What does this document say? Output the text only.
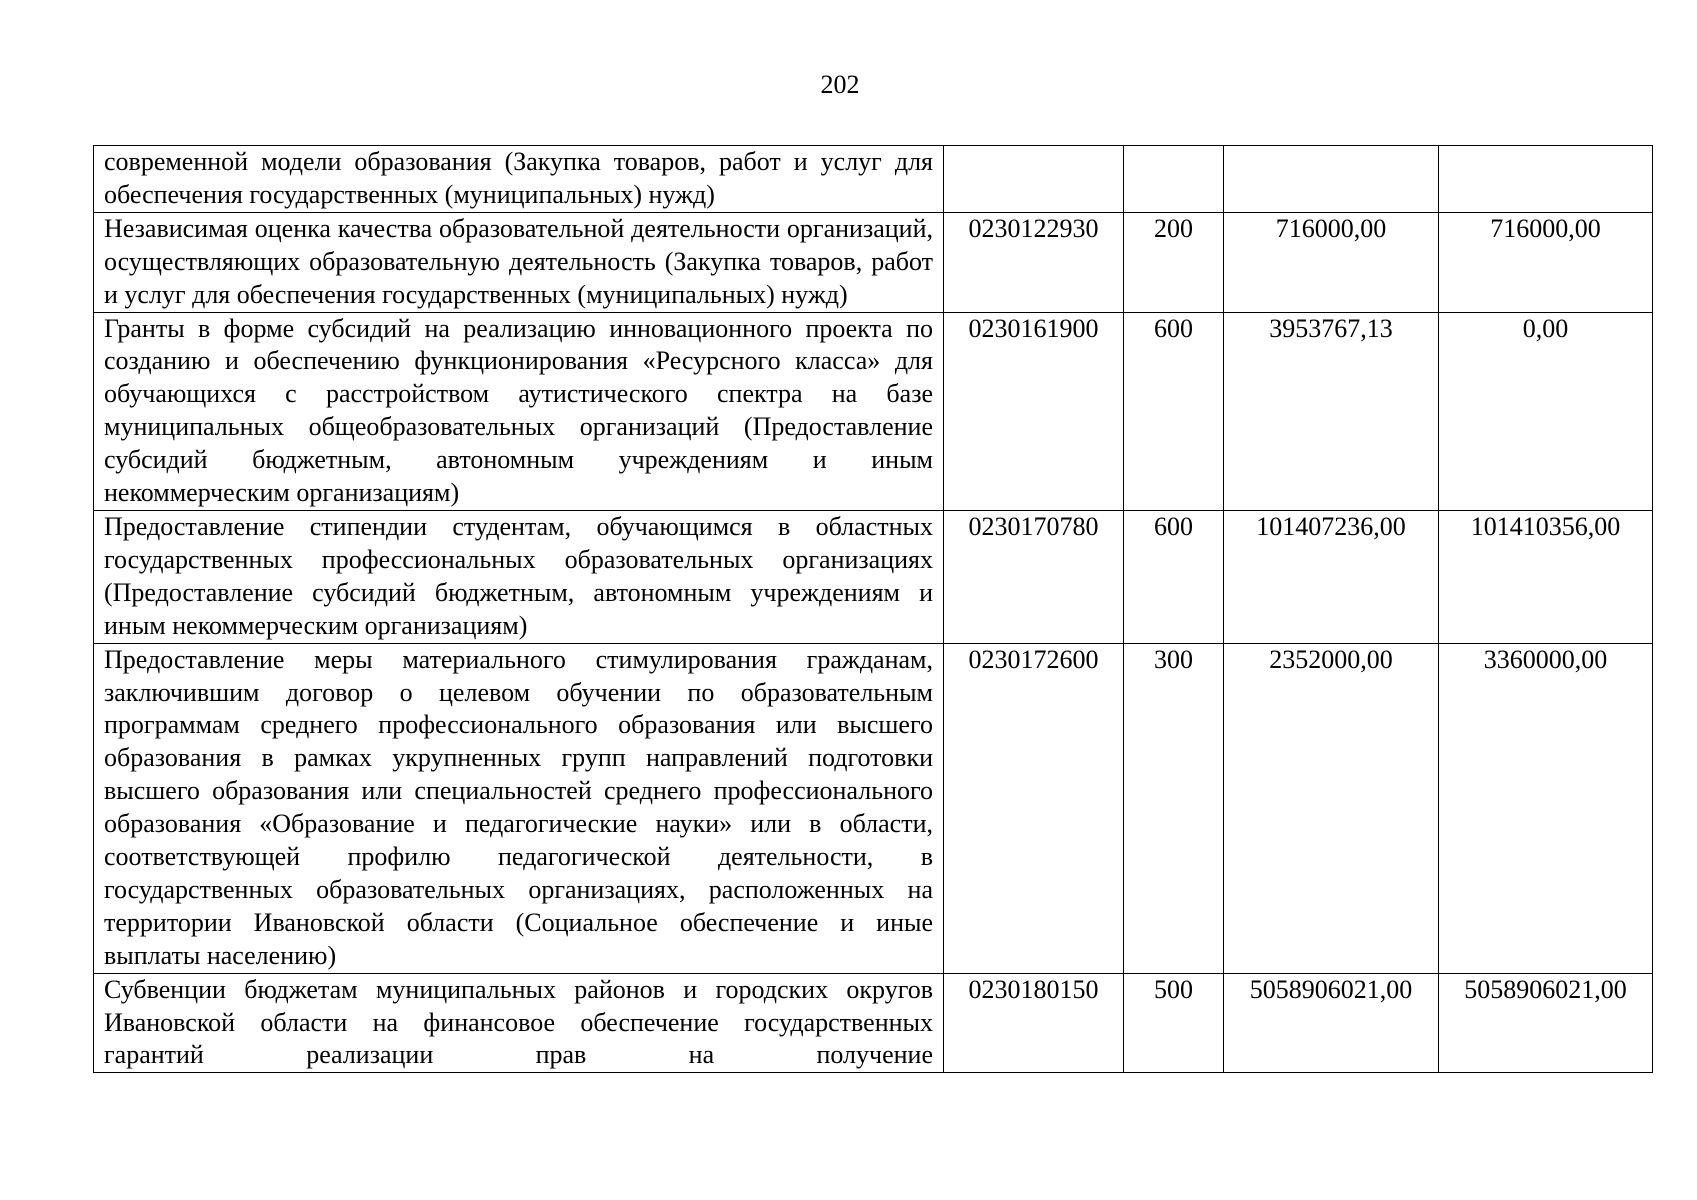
202
современной модели образования (Закупка товаров, работ и услуг для обеспечения государственных (муниципальных) нужд)				
Независимая оценка качества образовательной деятельности организаций, осуществляющих образовательную деятельность (Закупка товаров, работ и услуг для обеспечения государственных (муниципальных) нужд)	0230122930	200	716000,00	716000,00
Гранты в форме субсидий на реализацию инновационного проекта по созданию и обеспечению функционирования «Ресурсного класса» для обучающихся с расстройством аутистического спектра на базе муниципальных общеобразовательных организаций (Предоставление субсидий бюджетным, автономным учреждениям и иным некоммерческим организациям)	0230161900	600	3953767,13	0,00
Предоставление стипендии студентам, обучающимся в областных государственных профессиональных образовательных организациях (Предоставление субсидий бюджетным, автономным учреждениям и иным некоммерческим организациям)	0230170780	600	101407236,00	101410356,00
Предоставление меры материального стимулирования гражданам, заключившим договор о целевом обучении по образовательным программам среднего профессионального образования или высшего образования в рамках укрупненных групп направлений подготовки высшего образования или специальностей среднего профессионального образования «Образование и педагогические науки» или в области, соответствующей профилю педагогической деятельности, в государственных образовательных организациях, расположенных на территории Ивановской области (Социальное обеспечение и иные выплаты населению)	0230172600	300	2352000,00	3360000,00

Субвенции бюджетам муниципальных районов и городских округов Ивановской области на финансовое обеспечение государственных гарантий реализации прав на получение	0230180150	500	5058906021,00	5058906021,00
